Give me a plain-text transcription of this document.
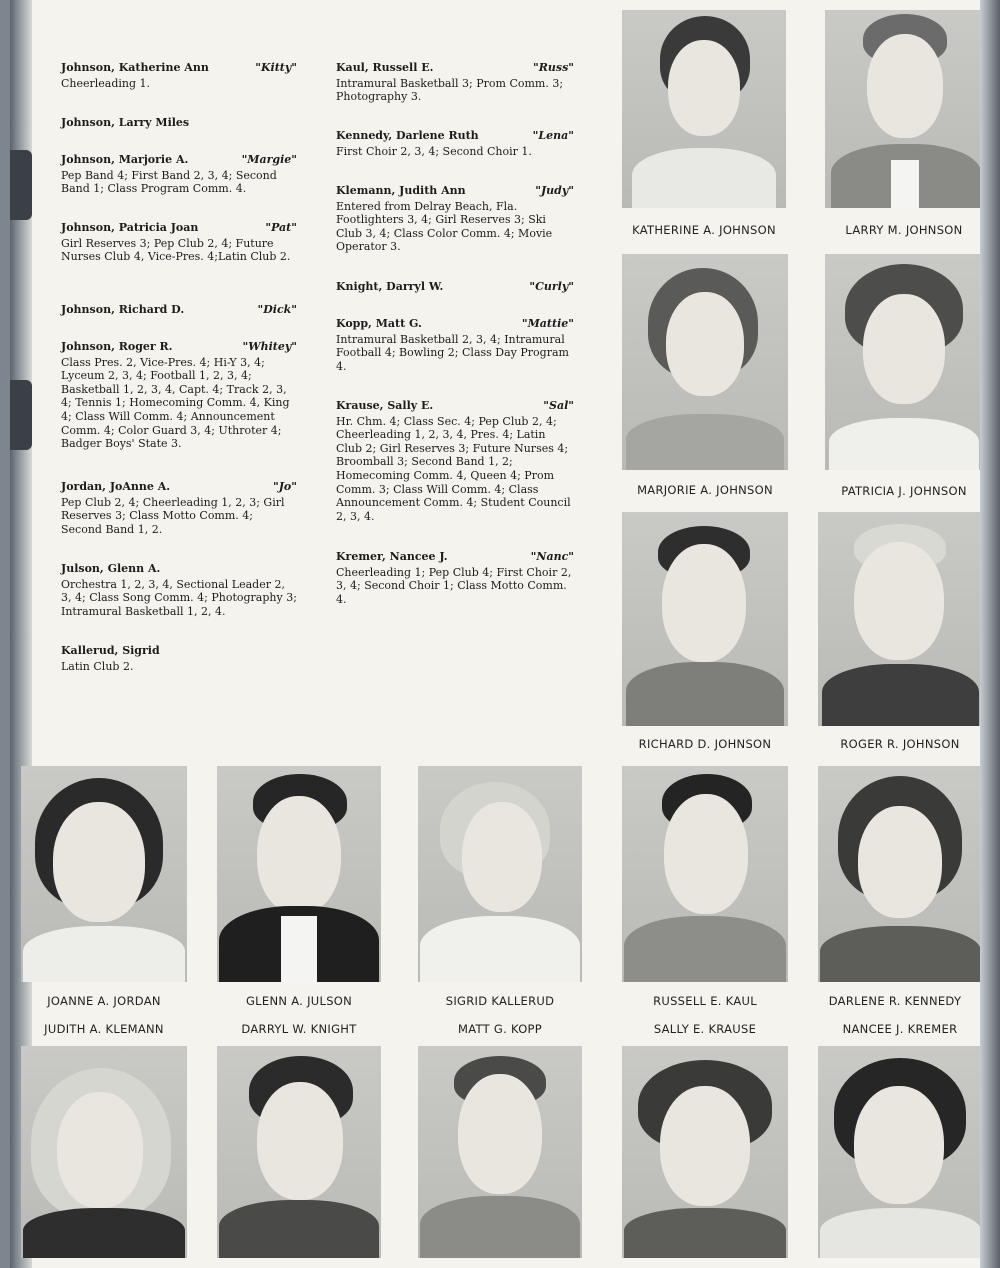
Johnson, Katherine Ann	"Kitty"
Cheerleading 1.
Johnson, Larry Miles
Johnson, Marjorie A.	"Margie"
Pep Band 4; First Band 2, 3, 4; Second Band 1; Class Program Comm. 4.
Johnson, Patricia Joan	"Pat"
Girl Reserves 3; Pep Club 2, 4; Future Nurses Club 4, Vice-Pres. 4;Latin Club 2.
Johnson, Richard D.	"Dick"
Johnson, Roger R.	"Whitey"
Class Pres. 2, Vice-Pres. 4; Hi-Y 3, 4; Lyceum 2, 3, 4; Football 1, 2, 3, 4; Basketball 1, 2, 3, 4, Capt. 4; Track 2, 3, 4; Tennis 1; Homecoming Comm. 4, King 4; Class Will Comm. 4; Announcement Comm. 4; Color Guard 3, 4; Uthroter 4; Badger Boys' State 3.
Jordan, JoAnne A.	"Jo"
Pep Club 2, 4; Cheerleading 1, 2, 3; Girl Reserves 3; Class Motto Comm. 4; Second Band 1, 2.
Julson, Glenn A.
Orchestra 1, 2, 3, 4, Sectional Leader 2, 3, 4; Class Song Comm. 4; Photography 3; Intramural Basketball 1, 2, 4.
Kallerud, Sigrid
Latin Club 2.
Kaul, Russell E.	"Russ"
Intramural Basketball 3; Prom Comm. 3; Photography 3.
Kennedy, Darlene Ruth	"Lena"
First Choir 2, 3, 4; Second Choir 1.
Klemann, Judith Ann	"Judy"
Entered from Delray Beach, Fla. Footlighters 3, 4; Girl Reserves 3; Ski Club 3, 4; Class Color Comm. 4; Movie Operator 3.
Knight, Darryl W.	"Curly"
Kopp, Matt G.	"Mattie"
Intramural Basketball 2, 3, 4; Intramural Football 4; Bowling 2; Class Day Program 4.
Krause, Sally E.	"Sal"
Hr. Chm. 4; Class Sec. 4; Pep Club 2, 4; Cheerleading 1, 2, 3, 4, Pres. 4; Latin Club 2; Girl Reserves 3; Future Nurses 4; Broomball 3; Second Band 1, 2; Homecoming Comm. 4, Queen 4; Prom Comm. 3; Class Will Comm. 4; Class Announcement Comm. 4; Student Council 2, 3, 4.
Kremer, Nancee J.	"Nanc"
Cheerleading 1; Pep Club 4; First Choir 2, 3, 4; Second Choir 1; Class Motto Comm. 4.
KATHERINE A. JOHNSON	LARRY M. JOHNSON
MARJORIE A. JOHNSON	PATRICIA J. JOHNSON
RICHARD D. JOHNSON	ROGER R. JOHNSON
JOANNE A. JORDAN	GLENN A. JULSON	SIGRID KALLERUD	RUSSELL E. KAUL	DARLENE R. KENNEDY
JUDITH A. KLEMANN	DARRYL W. KNIGHT	MATT G. KOPP	SALLY E. KRAUSE	NANCEE J. KREMER
